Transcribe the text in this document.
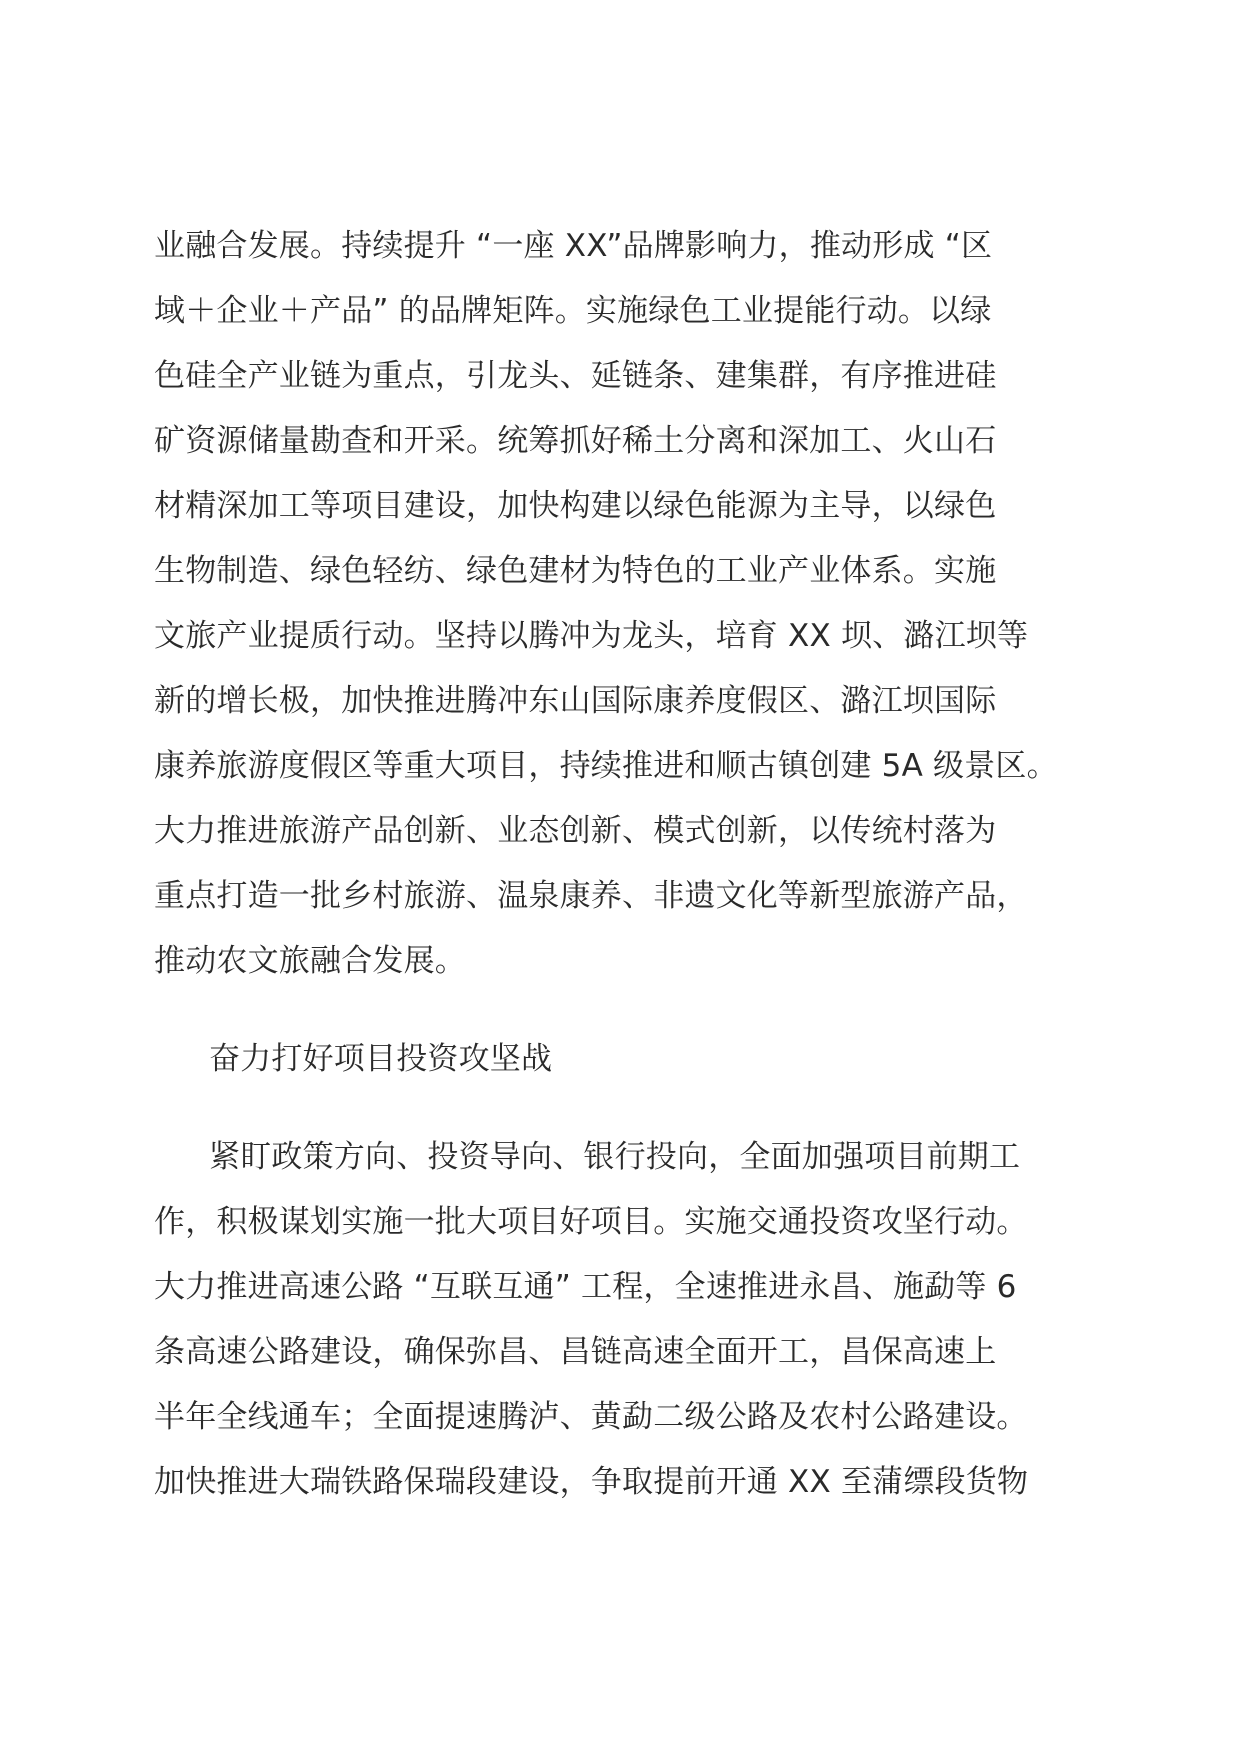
业融合发展。持续提升 “一座 XX”品牌影响力，推动形成 “区
域＋企业＋产品” 的品牌矩阵。实施绿色工业提能行动。以绿
色硅全产业链为重点，引龙头、延链条、建集群，有序推进硅
矿资源储量勘查和开采。统筹抓好稀土分离和深加工、火山石
材精深加工等项目建设，加快构建以绿色能源为主导，以绿色
生物制造、绿色轻纺、绿色建材为特色的工业产业体系。实施
文旅产业提质行动。坚持以腾冲为龙头，培育 XX 坝、潞江坝等
新的增长极，加快推进腾冲东山国际康养度假区、潞江坝国际
康养旅游度假区等重大项目，持续推进和顺古镇创建 5A 级景区。
大力推进旅游产品创新、业态创新、模式创新，以传统村落为
重点打造一批乡村旅游、温泉康养、非遗文化等新型旅游产品，
推动农文旅融合发展。
奋力打好项目投资攻坚战
紧盯政策方向、投资导向、银行投向，全面加强项目前期工
作，积极谋划实施一批大项目好项目。实施交通投资攻坚行动。
大力推进高速公路 “互联互通” 工程，全速推进永昌、施勐等 6
条高速公路建设，确保弥昌、昌链高速全面开工，昌保高速上
半年全线通车；全面提速腾泸、黄勐二级公路及农村公路建设。
加快推进大瑞铁路保瑞段建设，争取提前开通 XX 至蒲缥段货物
